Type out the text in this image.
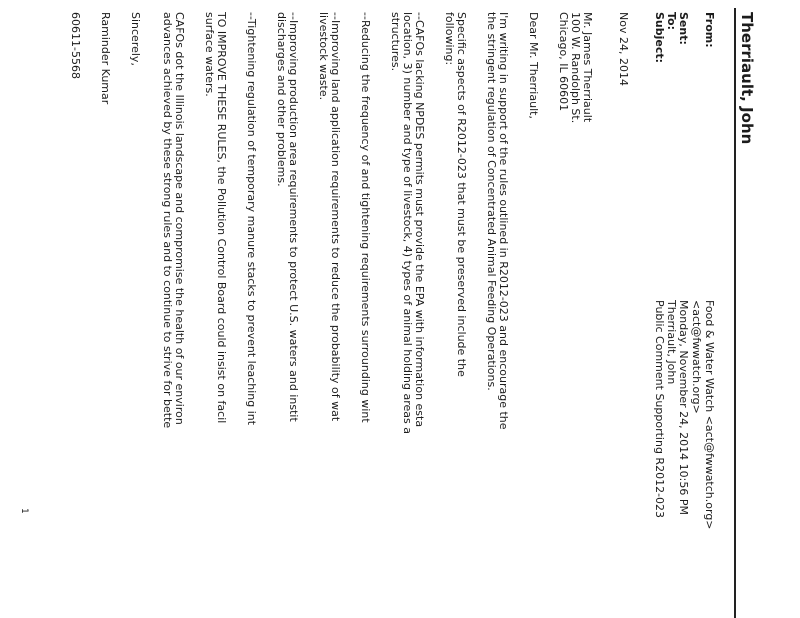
Therriault, John
From:
Food & Water Watch <act@fwwatch.org>
<act@fwwatch.org>
Sent:
Monday, November 24, 2014 10:56 PM
To:
Therriault, John
Subject:
Public Comment Supporting R2012-023
Nov 24, 2014
Mr. James Therriault
100 W. Randolph St.
Chicago, IL 60601
Dear Mr. Therriault,
I'm writing in support of the rules outlined in R2012-023 and encourage the
the stringent regulation of Concentrated Animal Feeding Operations.
Specific aspects of R2012-023 that must be preserved include the
following:
--CAFOs lacking NPDES permits must provide the EPA with information esta
location, 3) number and type of livestock, 4) types of animal holding areas a
structures.
--Reducing the frequency of and tightening requirements surrounding wint
--Improving land application requirements to reduce the probability of wat
livestock waste.
--Improving production area requirements to protect U.S. waters and instit
discharges and other problems.
--Tightening regulation of temporary manure stacks to prevent leaching int
TO IMPROVE THESE RULES, the Pollution Control Board could insist on facil
surface waters.
CAFOs dot the Illinois landscape and compromise the health of our environ
advances achieved by these strong rules and to continue to strive for bette
Sincerely,
Raminder Kumar
60611-5568
1
